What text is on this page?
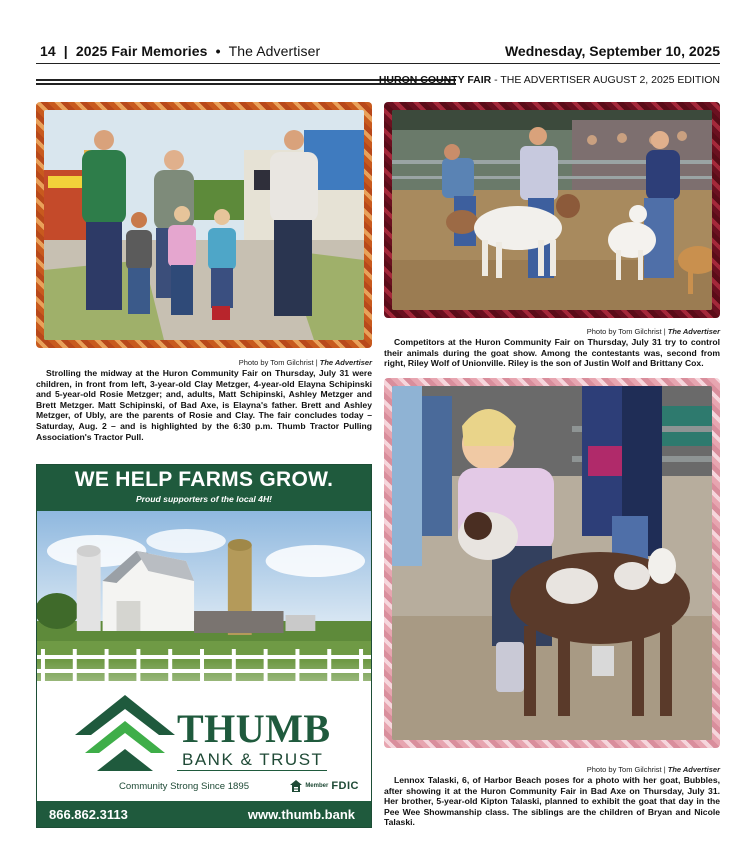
14 | 2025 Fair Memories • The Advertiser	Wednesday, September 10, 2025
HURON COUNTY FAIR - THE ADVERTISER AUGUST 2, 2025 EDITION
Photo by Tom Gilchrist | The Advertiser
Strolling the midway at the Huron Community Fair on Thursday, July 31 were children, in front from left, 3-year-old Clay Metzger, 4-year-old Elayna Schipinski and 5-year-old Rosie Metzger; and, adults, Matt Schipinski, Ashley Metzger and Brett Metzger. Matt Schipinski, of Bad Axe, is Elayna's father. Brett and Ashley Metzger, of Ubly, are the parents of Rosie and Clay. The fair concludes today – Saturday, Aug. 2 – and is highlighted by the 6:30 p.m. Thumb Tractor Pulling Association's Tractor Pull.
Photo by Tom Gilchrist | The Advertiser
Competitors at the Huron Community Fair on Thursday, July 31 try to control their animals during the goat show. Among the contestants was, second from right, Riley Wolf of Unionville. Riley is the son of Justin Wolf and Brittany Cox.
Photo by Tom Gilchrist | The Advertiser
Lennox Talaski, 6, of Harbor Beach poses for a photo with her goat, Bubbles, after showing it at the Huron Community Fair in Bad Axe on Thursday, July 31. Her brother, 5-year-old Kipton Talaski, planned to exhibit the goat that day in the Pee Wee Showmanship class. The siblings are the children of Bryan and Nicole Talaski.
WE HELP FARMS GROW.
Proud supporters of the local 4H!
THUMB
BANK & TRUST
Community Strong Since 1895	Member FDIC
866.862.3113	www.thumb.bank
